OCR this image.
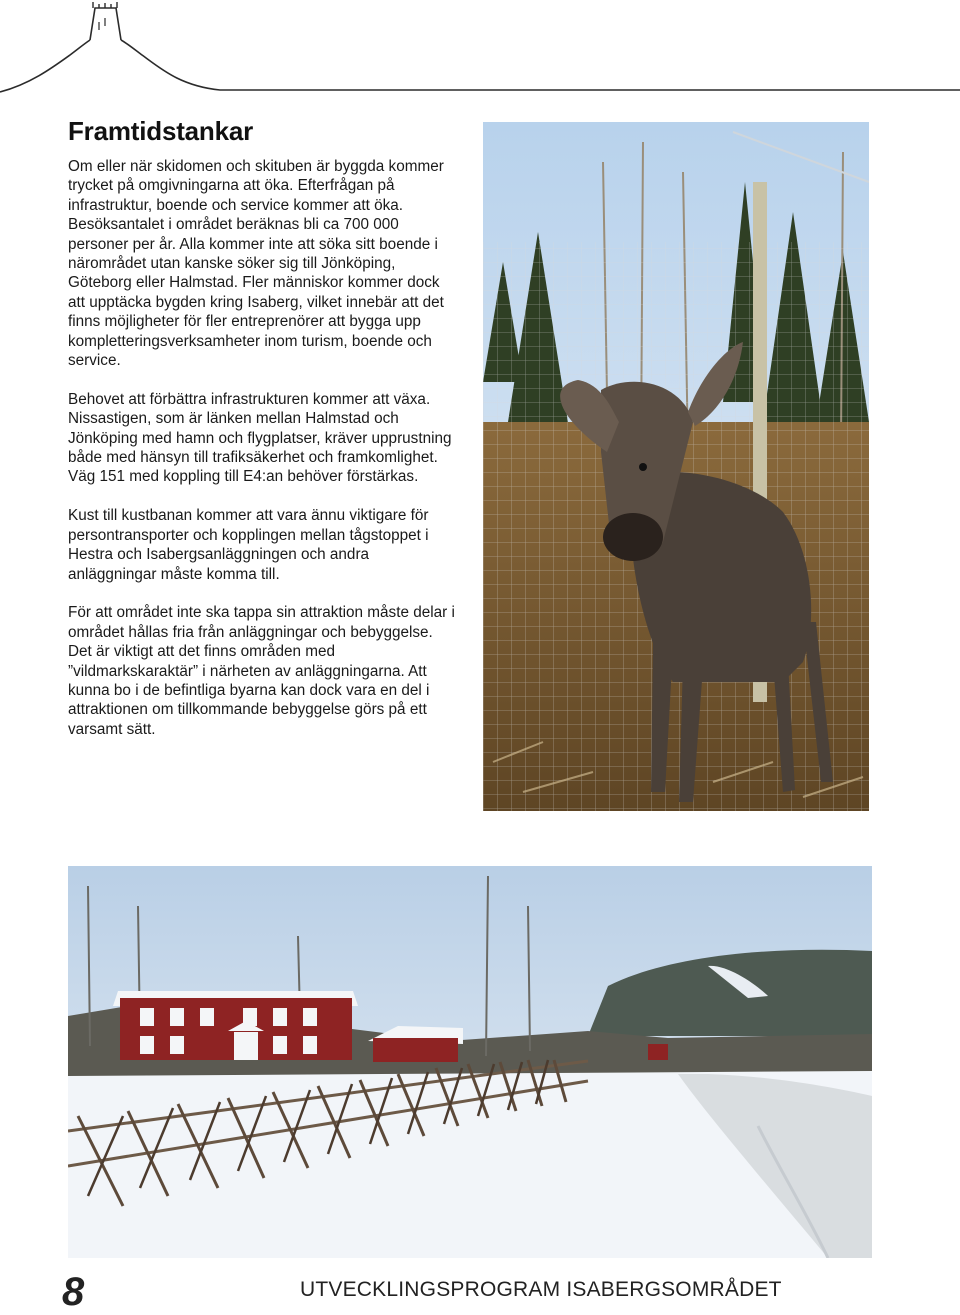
Framtidstankar

Om eller när skidomen och skituben är byggda kommer trycket på omgivningarna att öka. Efterfrågan på infrastruktur, boende och service kommer att öka. Besöksantalet i området beräknas bli ca 700 000 personer per år. Alla kommer inte att söka sitt boende i närområdet utan kanske söker sig till Jönköping, Göteborg eller Halmstad. Fler människor kommer dock att upptäcka bygden kring Isaberg, vilket innebär att det finns möjligheter för fler entreprenörer att bygga upp kompletteringsverksamheter inom turism, boende och service.

Behovet att förbättra infrastrukturen kommer att växa. Nissastigen, som är länken mellan Halmstad och Jönköping med hamn och flygplatser, kräver upprustning både med hänsyn till trafiksäkerhet och framkomlighet. Väg 151 med koppling till E4:an behöver förstärkas.

Kust till kustbanan kommer att vara ännu viktigare för persontransporter och kopplingen mellan tågstoppet i Hestra och Isabergsanläggningen och andra anläggningar måste komma till.

För att området inte ska tappa sin attraktion måste delar i området hållas fria från anläggningar och bebyggelse. Det är viktigt att det finns områden med ”vildmarkskaraktär” i närheten av anläggningarna. Att kunna bo i de befintliga byarna kan dock vara en del i attraktionen om tillkommande bebyggelse görs på ett varsamt sätt.

8	UTVECKLINGSPROGRAM ISABERGSOMRÅDET
